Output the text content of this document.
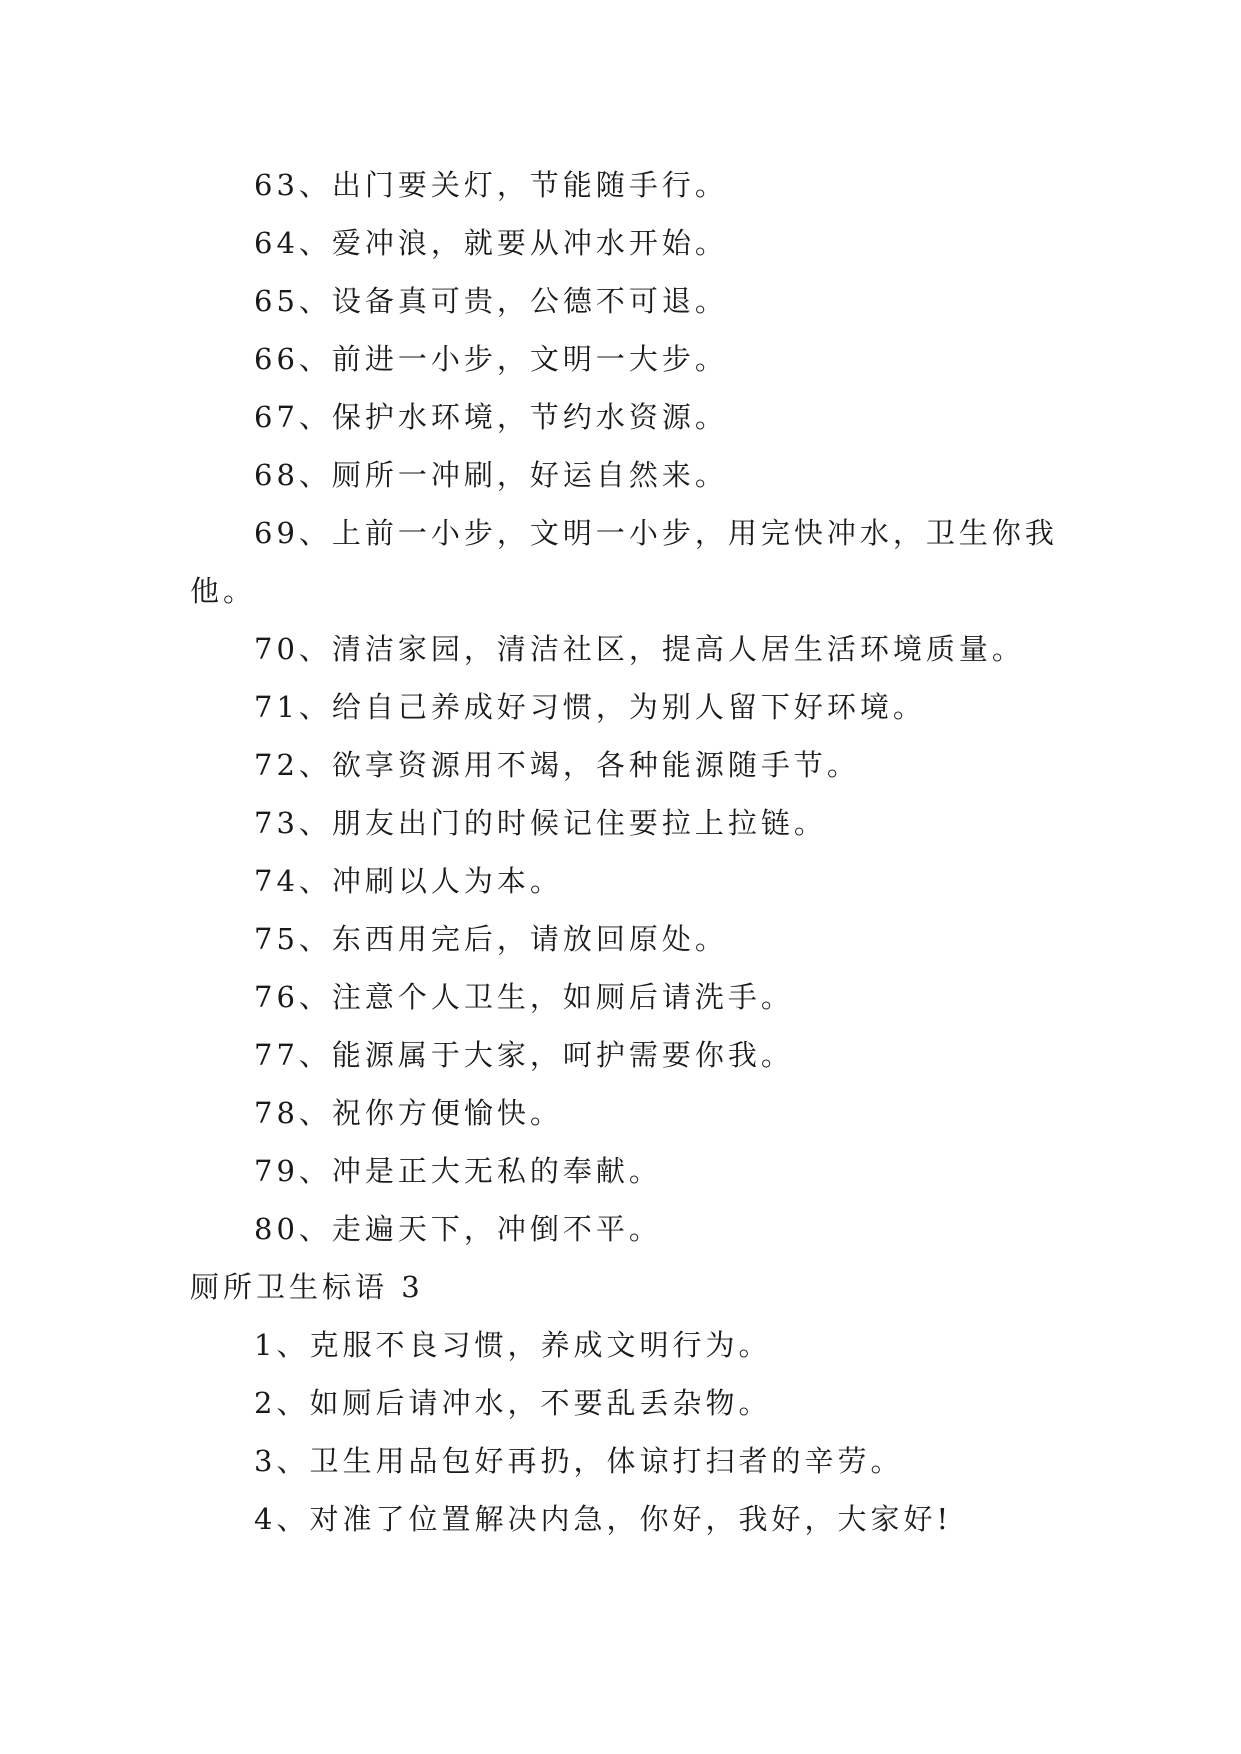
63、出门要关灯，节能随手行。

64、爱冲浪，就要从冲水开始。

65、设备真可贵，公德不可退。

66、前进一小步，文明一大步。

67、保护水环境，节约水资源。

68、厕所一冲刷，好运自然来。

69、上前一小步，文明一小步，用完快冲水，卫生你我他。

70、清洁家园，清洁社区，提高人居生活环境质量。

71、给自己养成好习惯，为别人留下好环境。

72、欲享资源用不竭，各种能源随手节。

73、朋友出门的时候记住要拉上拉链。

74、冲刷以人为本。

75、东西用完后，请放回原处。

76、注意个人卫生，如厕后请洗手。

77、能源属于大家，呵护需要你我。

78、祝你方便愉快。

79、冲是正大无私的奉献。

80、走遍天下，冲倒不平。

厕所卫生标语 3

1、克服不良习惯，养成文明行为。

2、如厕后请冲水，不要乱丢杂物。

3、卫生用品包好再扔，体谅打扫者的辛劳。

4、对准了位置解决内急，你好，我好，大家好!
